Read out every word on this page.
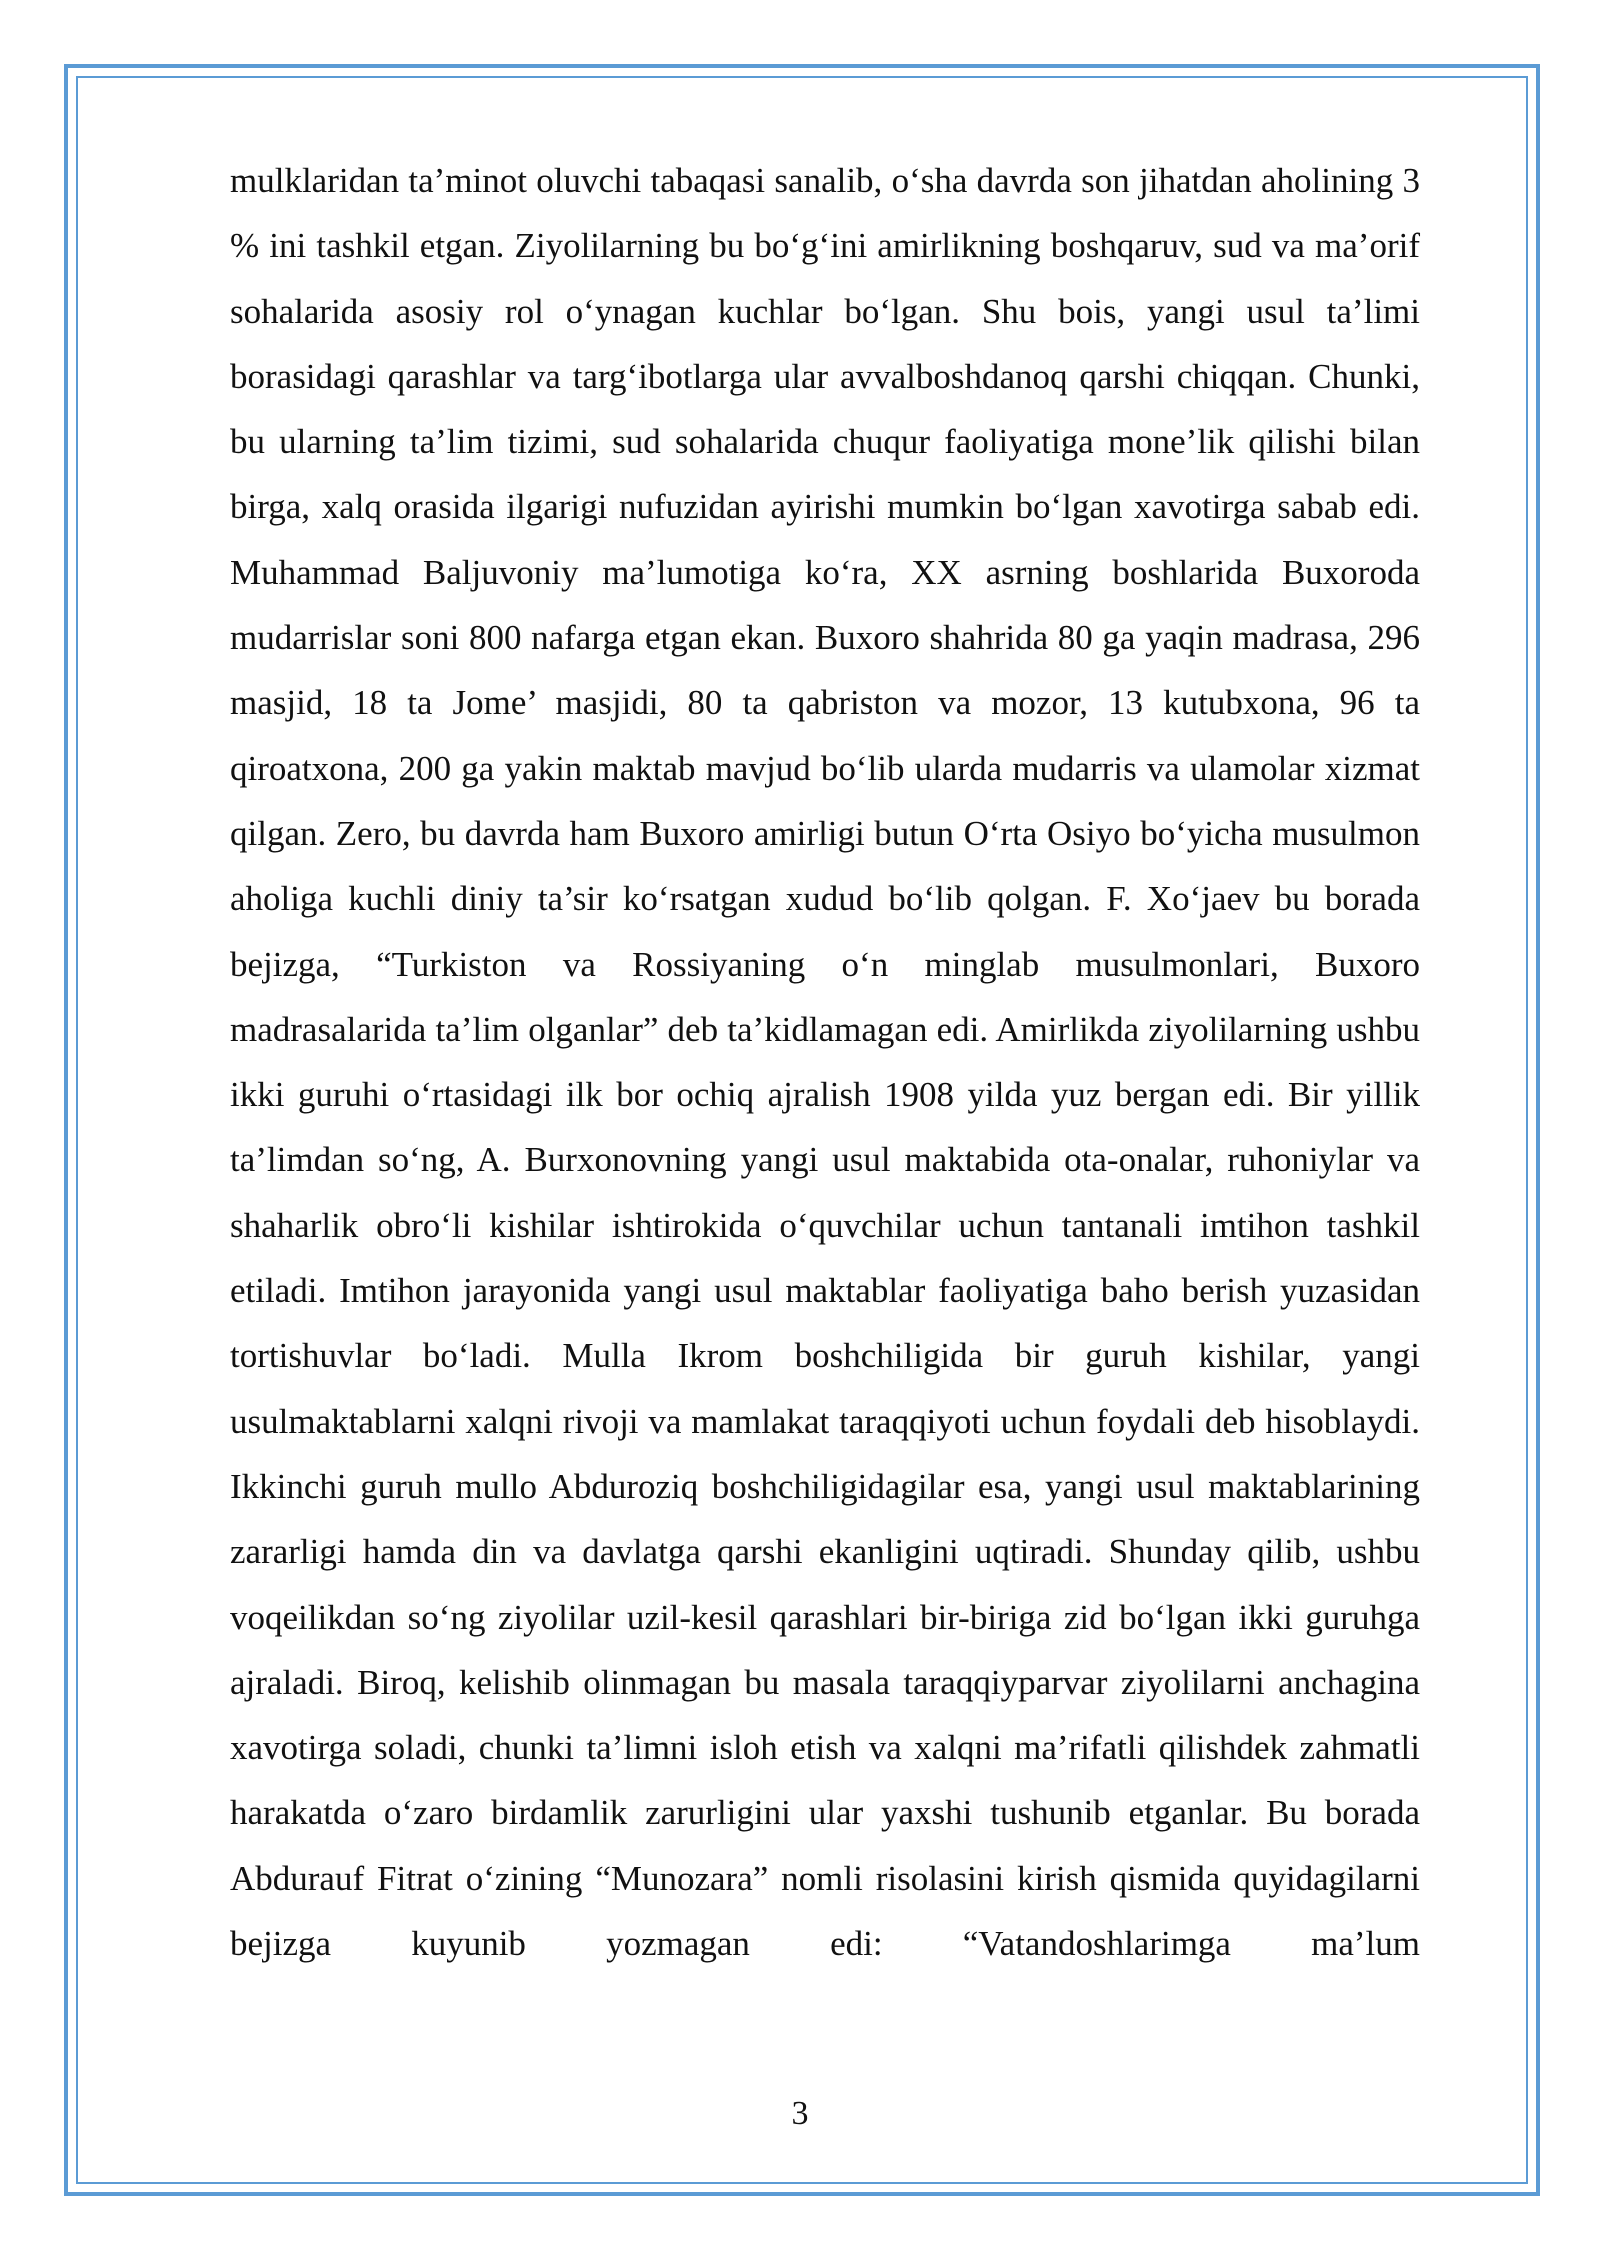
mulklaridan ta’minot oluvchi tabaqasi sanalib, o‘sha davrda son jihatdan aholining 3 % ini tashkil etgan. Ziyolilarning bu bo‘g‘ini amirlikning boshqaruv, sud va ma’orif sohalarida asosiy rol o‘ynagan kuchlar bo‘lgan. Shu bois, yangi usul ta’limi borasidagi qarashlar va targ‘ibotlarga ular avvalboshdanoq qarshi chiqqan. Chunki, bu ularning ta’lim tizimi, sud sohalarida chuqur faoliyatiga mone’lik qilishi bilan birga, xalq orasida ilgarigi nufuzidan ayirishi mumkin bo‘lgan xavotirga sabab edi. Muhammad Baljuvoniy ma’lumotiga ko‘ra, XX asrning boshlarida Buxoroda mudarrislar soni 800 nafarga etgan ekan. Buxoro shahrida 80 ga yaqin madrasa, 296 masjid, 18 ta Jome’ masjidi, 80 ta qabriston va mozor, 13 kutubxona, 96 ta qiroatxona, 200 ga yakin maktab mavjud bo‘lib ularda mudarris va ulamolar xizmat qilgan. Zero, bu davrda ham Buxoro amirligi butun O‘rta Osiyo bo‘yicha musulmon aholiga kuchli diniy ta’sir ko‘rsatgan xudud bo‘lib qolgan. F. Xo‘jaev bu borada bejizga, “Turkiston va Rossiyaning o‘n minglab musulmonlari, Buxoro madrasalarida ta’lim olganlar” deb ta’kidlamagan edi. Amirlikda ziyolilarning ushbu ikki guruhi o‘rtasidagi ilk bor ochiq ajralish 1908 yilda yuz bergan edi. Bir yillik ta’limdan so‘ng, A. Burxonovning yangi usul maktabida ota-onalar, ruhoniylar va shaharlik obro‘li kishilar ishtirokida o‘quvchilar uchun tantanali imtihon tashkil etiladi. Imtihon jarayonida yangi usul maktablar faoliyatiga baho berish yuzasidan tortishuvlar bo‘ladi. Mulla Ikrom boshchiligida bir guruh kishilar, yangi usulmaktablarni xalqni rivoji va mamlakat taraqqiyoti uchun foydali deb hisoblaydi. Ikkinchi guruh mullo Abduroziq boshchiligidagilar esa, yangi usul maktablarining zararligi hamda din va davlatga qarshi ekanligini uqtiradi. Shunday qilib, ushbu voqeilikdan so‘ng ziyolilar uzil-kesil qarashlari bir-biriga zid bo‘lgan ikki guruhga ajraladi. Biroq, kelishib olinmagan bu masala taraqqiyparvar ziyolilarni anchagina xavotirga soladi, chunki ta’limni isloh etish va xalqni ma’rifatli qilishdek zahmatli harakatda o‘zaro birdamlik zarurligini ular yaxshi tushunib etganlar. Bu borada Abdurauf Fitrat o‘zining “Munozara” nomli risolasini kirish qismida quyidagilarni bejizga kuyunib yozmagan edi: “Vatandoshlarimga ma’lum

3
